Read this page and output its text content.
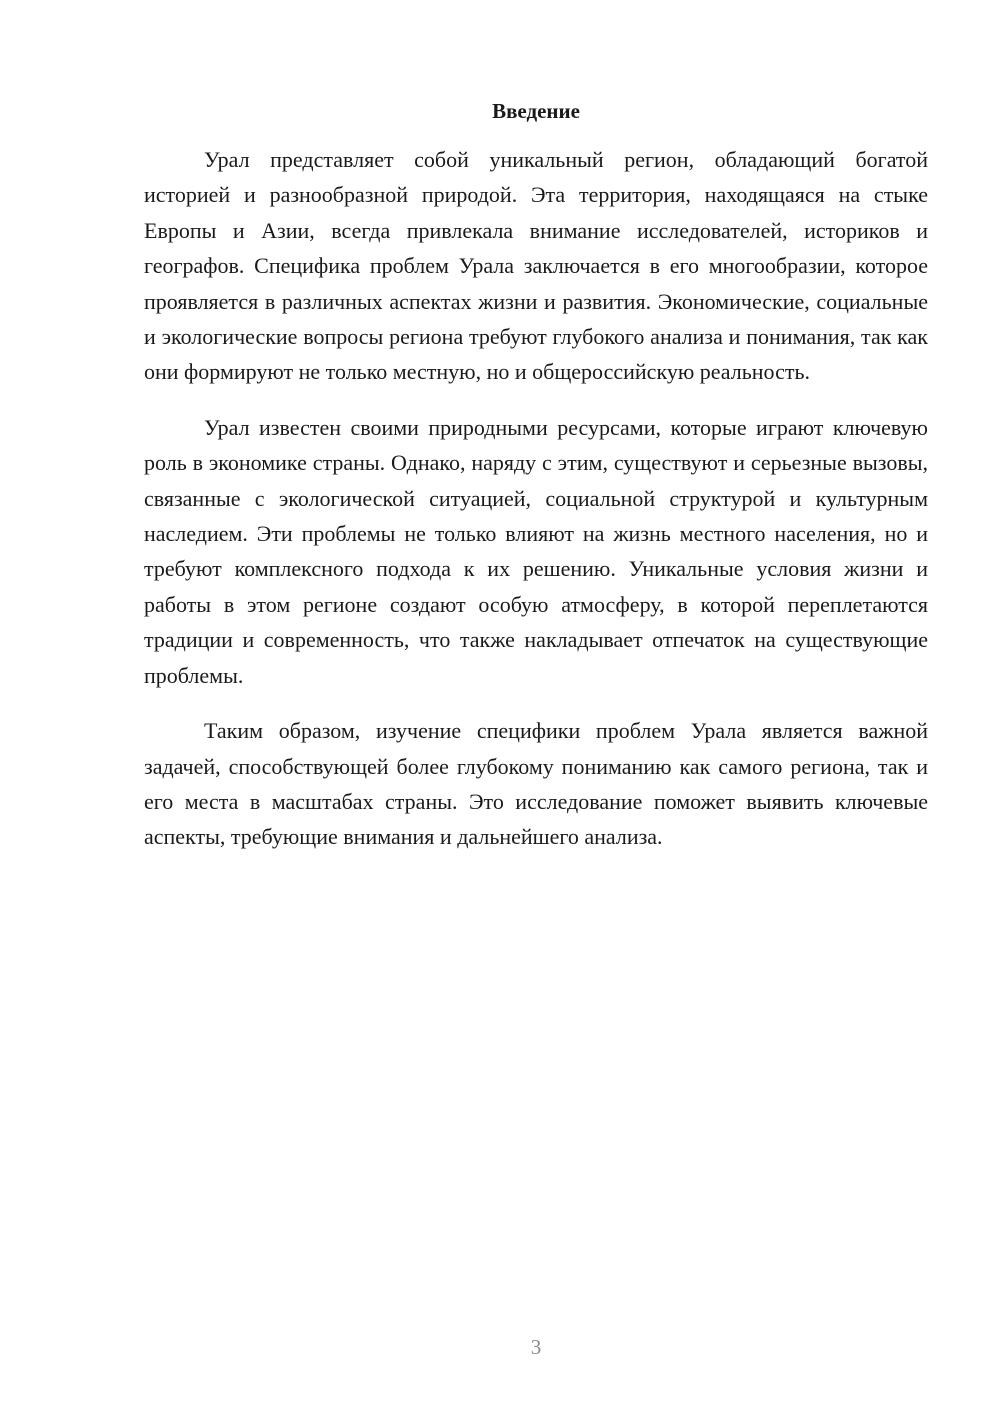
Введение

Урал представляет собой уникальный регион, обладающий богатой историей и разнообразной природой. Эта территория, находящаяся на стыке Европы и Азии, всегда привлекала внимание исследователей, историков и географов. Специфика проблем Урала заключается в его многообразии, которое проявляется в различных аспектах жизни и развития. Экономические, социальные и экологические вопросы региона требуют глубокого анализа и понимания, так как они формируют не только местную, но и общероссийскую реальность.

Урал известен своими природными ресурсами, которые играют ключевую роль в экономике страны. Однако, наряду с этим, существуют и серьезные вызовы, связанные с экологической ситуацией, социальной структурой и культурным наследием. Эти проблемы не только влияют на жизнь местного населения, но и требуют комплексного подхода к их решению. Уникальные условия жизни и работы в этом регионе создают особую атмосферу, в которой переплетаются традиции и современность, что также накладывает отпечаток на существующие проблемы.

Таким образом, изучение специфики проблем Урала является важной задачей, способствующей более глубокому пониманию как самого региона, так и его места в масштабах страны. Это исследование поможет выявить ключевые аспекты, требующие внимания и дальнейшего анализа.

3
